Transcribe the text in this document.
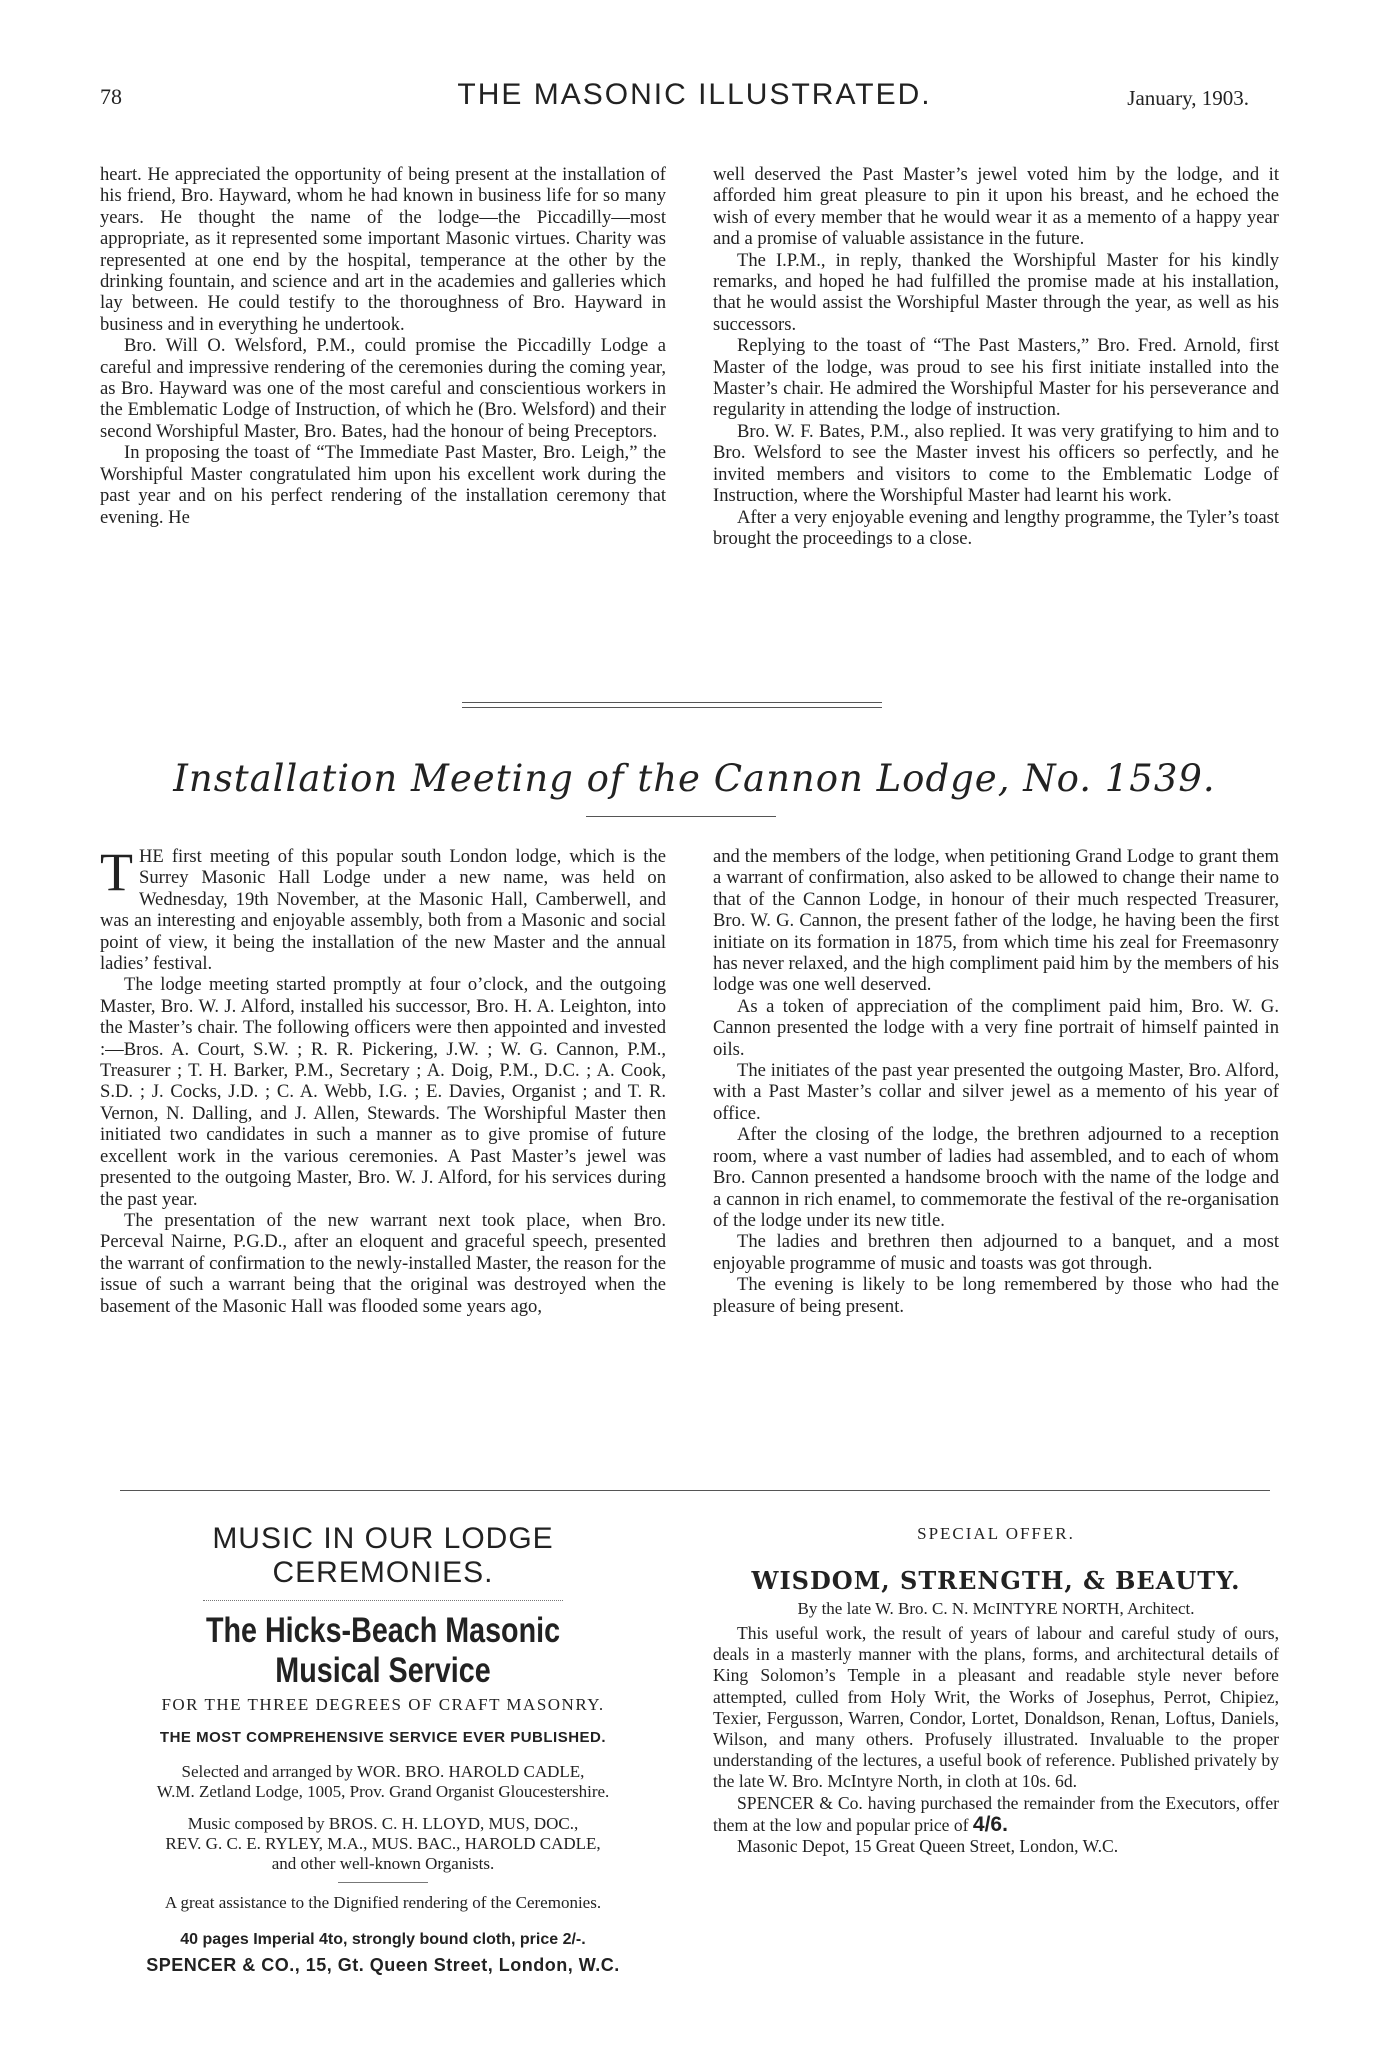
78	THE MASONIC ILLUSTRATED.	January, 1903.

heart. He appreciated the opportunity of being present at the installation of his friend, Bro. Hayward, whom he had known in business life for so many years. He thought the name of the lodge—the Piccadilly—most appropriate, as it represented some important Masonic virtues. Charity was represented at one end by the hospital, temperance at the other by the drinking fountain, and science and art in the academies and galleries which lay between. He could testify to the thoroughness of Bro. Hayward in business and in everything he undertook.

Bro. Will O. Welsford, P.M., could promise the Piccadilly Lodge a careful and impressive rendering of the ceremonies during the coming year, as Bro. Hayward was one of the most careful and conscientious workers in the Emblematic Lodge of Instruction, of which he (Bro. Welsford) and their second Worshipful Master, Bro. Bates, had the honour of being Preceptors.

In proposing the toast of “The Immediate Past Master, Bro. Leigh,” the Worshipful Master congratulated him upon his excellent work during the past year and on his perfect rendering of the installation ceremony that evening. He

well deserved the Past Master’s jewel voted him by the lodge, and it afforded him great pleasure to pin it upon his breast, and he echoed the wish of every member that he would wear it as a memento of a happy year and a promise of valuable assistance in the future.

The I.P.M., in reply, thanked the Worshipful Master for his kindly remarks, and hoped he had fulfilled the promise made at his installation, that he would assist the Worshipful Master through the year, as well as his successors.

Replying to the toast of “The Past Masters,” Bro. Fred. Arnold, first Master of the lodge, was proud to see his first initiate installed into the Master’s chair. He admired the Worshipful Master for his perseverance and regularity in attending the lodge of instruction.

Bro. W. F. Bates, P.M., also replied. It was very gratifying to him and to Bro. Welsford to see the Master invest his officers so perfectly, and he invited members and visitors to come to the Emblematic Lodge of Instruction, where the Worshipful Master had learnt his work.

After a very enjoyable evening and lengthy programme, the Tyler’s toast brought the proceedings to a close.

Installation Meeting of the Cannon Lodge, No. 1539.

THE first meeting of this popular south London lodge, which is the Surrey Masonic Hall Lodge under a new name, was held on Wednesday, 19th November, at the Masonic Hall, Camberwell, and was an interesting and enjoyable assembly, both from a Masonic and social point of view, it being the installation of the new Master and the annual ladies’ festival.

The lodge meeting started promptly at four o’clock, and the outgoing Master, Bro. W. J. Alford, installed his successor, Bro. H. A. Leighton, into the Master’s chair. The following officers were then appointed and invested :—Bros. A. Court, S.W. ; R. R. Pickering, J.W. ; W. G. Cannon, P.M., Treasurer ; T. H. Barker, P.M., Secretary ; A. Doig, P.M., D.C. ; A. Cook, S.D. ; J. Cocks, J.D. ; C. A. Webb, I.G. ; E. Davies, Organist ; and T. R. Vernon, N. Dalling, and J. Allen, Stewards. The Worshipful Master then initiated two candidates in such a manner as to give promise of future excellent work in the various ceremonies. A Past Master’s jewel was presented to the outgoing Master, Bro. W. J. Alford, for his services during the past year.

The presentation of the new warrant next took place, when Bro. Perceval Nairne, P.G.D., after an eloquent and graceful speech, presented the warrant of confirmation to the newly-installed Master, the reason for the issue of such a warrant being that the original was destroyed when the basement of the Masonic Hall was flooded some years ago,

and the members of the lodge, when petitioning Grand Lodge to grant them a warrant of confirmation, also asked to be allowed to change their name to that of the Cannon Lodge, in honour of their much respected Treasurer, Bro. W. G. Cannon, the present father of the lodge, he having been the first initiate on its formation in 1875, from which time his zeal for Freemasonry has never relaxed, and the high compliment paid him by the members of his lodge was one well deserved.

As a token of appreciation of the compliment paid him, Bro. W. G. Cannon presented the lodge with a very fine portrait of himself painted in oils.

The initiates of the past year presented the outgoing Master, Bro. Alford, with a Past Master’s collar and silver jewel as a memento of his year of office.

After the closing of the lodge, the brethren adjourned to a reception room, where a vast number of ladies had assembled, and to each of whom Bro. Cannon presented a handsome brooch with the name of the lodge and a cannon in rich enamel, to commemorate the festival of the re-organisation of the lodge under its new title.

The ladies and brethren then adjourned to a banquet, and a most enjoyable programme of music and toasts was got through.

The evening is likely to be long remembered by those who had the pleasure of being present.

MUSIC IN OUR LODGE CEREMONIES.
The Hicks-Beach Masonic Musical Service
FOR THE THREE DEGREES OF CRAFT MASONRY.
THE MOST COMPREHENSIVE SERVICE EVER PUBLISHED.

Selected and arranged by WOR. BRO. HAROLD CADLE,

W.M. Zetland Lodge, 1005, Prov. Grand Organist Gloucestershire.

Music composed by BROS. C. H. LLOYD, MUS, DOC.,

REV. G. C. E. RYLEY, M.A., MUS. BAC., HAROLD CADLE,

and other well-known Organists.

A great assistance to the Dignified rendering of the Ceremonies.

40 pages Imperial 4to, strongly bound cloth, price 2/-.
SPENCER & CO., 15, Gt. Queen Street, London, W.C.
SPECIAL OFFER.
WISDOM, STRENGTH, & BEAUTY.
By the late W. Bro. C. N. McINTYRE NORTH, Architect.

This useful work, the result of years of labour and careful study of ours, deals in a masterly manner with the plans, forms, and architectural details of King Solomon’s Temple in a pleasant and readable style never before attempted, culled from Holy Writ, the Works of Josephus, Perrot, Chipiez, Texier, Fergusson, Warren, Condor, Lortet, Donaldson, Renan, Loftus, Daniels, Wilson, and many others. Profusely illustrated. Invaluable to the proper understanding of the lectures, a useful book of reference. Published privately by the late W. Bro. McIntyre North, in cloth at 10s. 6d.

SPENCER & Co. having purchased the remainder from the Executors, offer them at the low and popular price of 4/6.

Masonic Depot, 15 Great Queen Street, London, W.C.
